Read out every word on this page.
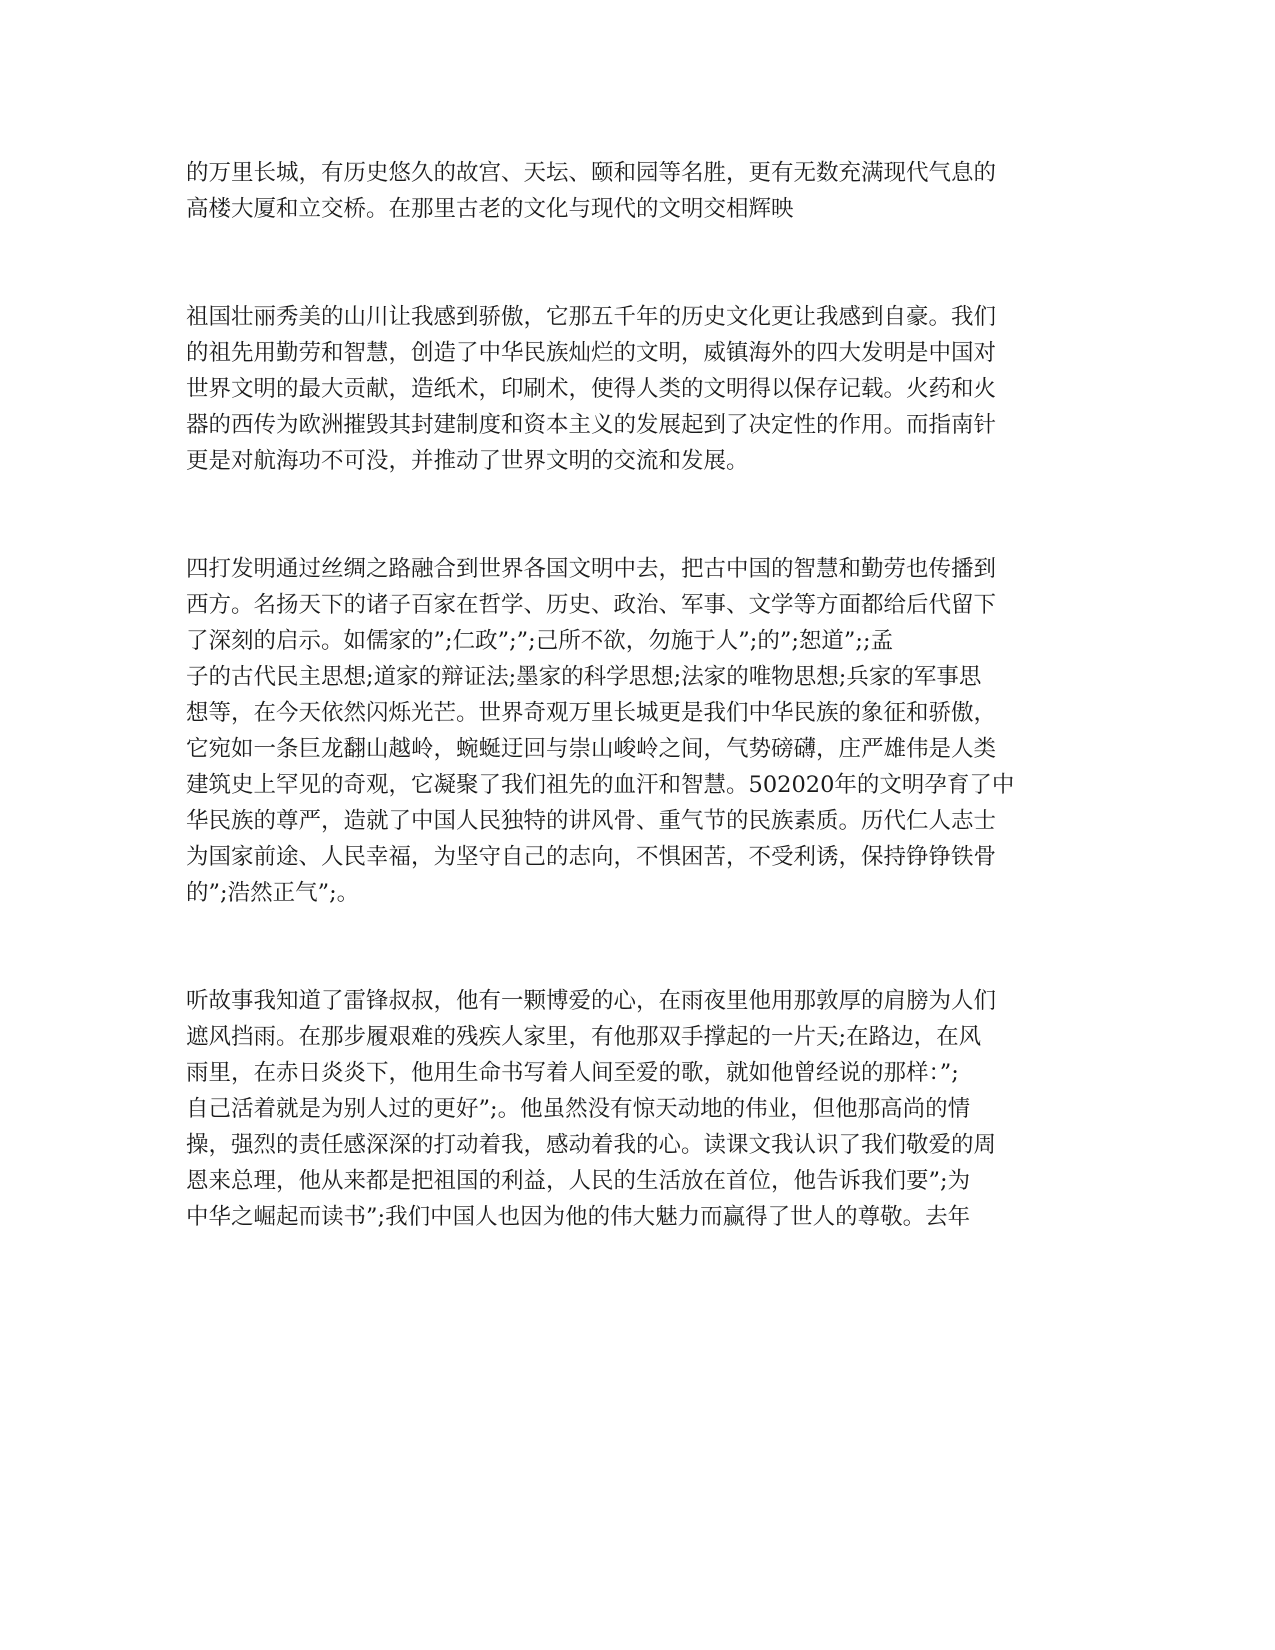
的万里长城，有历史悠久的故宫、天坛、颐和园等名胜，更有无数充满现代气息的
高楼大厦和立交桥。在那里古老的文化与现代的文明交相辉映

祖国壮丽秀美的山川让我感到骄傲，它那五千年的历史文化更让我感到自豪。我们
的祖先用勤劳和智慧，创造了中华民族灿烂的文明，威镇海外的四大发明是中国对
世界文明的最大贡献，造纸术，印刷术，使得人类的文明得以保存记载。火药和火
器的西传为欧洲摧毁其封建制度和资本主义的发展起到了决定性的作用。而指南针
更是对航海功不可没，并推动了世界文明的交流和发展。

四打发明通过丝绸之路融合到世界各国文明中去，把古中国的智慧和勤劳也传播到
西方。名扬天下的诸子百家在哲学、历史、政治、军事、文学等方面都给后代留下
了深刻的启示。如儒家的”;仁政”;”;己所不欲，勿施于人”;的”;恕道”;;孟
子的古代民主思想;道家的辩证法;墨家的科学思想;法家的唯物思想;兵家的军事思
想等，在今天依然闪烁光芒。世界奇观万里长城更是我们中华民族的象征和骄傲，
它宛如一条巨龙翻山越岭，蜿蜒迂回与崇山峻岭之间，气势磅礴，庄严雄伟是人类
建筑史上罕见的奇观，它凝聚了我们祖先的血汗和智慧。502020年的文明孕育了中
华民族的尊严，造就了中国人民独特的讲风骨、重气节的民族素质。历代仁人志士
为国家前途、人民幸福，为坚守自己的志向，不惧困苦，不受利诱，保持铮铮铁骨
的”;浩然正气”;。

听故事我知道了雷锋叔叔，他有一颗博爱的心，在雨夜里他用那敦厚的肩膀为人们
遮风挡雨。在那步履艰难的残疾人家里，有他那双手撑起的一片天;在路边，在风
雨里，在赤日炎炎下，他用生命书写着人间至爱的歌，就如他曾经说的那样：”;
自己活着就是为别人过的更好”;。他虽然没有惊天动地的伟业，但他那高尚的情
操，强烈的责任感深深的打动着我，感动着我的心。读课文我认识了我们敬爱的周
恩来总理，他从来都是把祖国的利益，人民的生活放在首位，他告诉我们要”;为
中华之崛起而读书”;我们中国人也因为他的伟大魅力而赢得了世人的尊敬。去年
